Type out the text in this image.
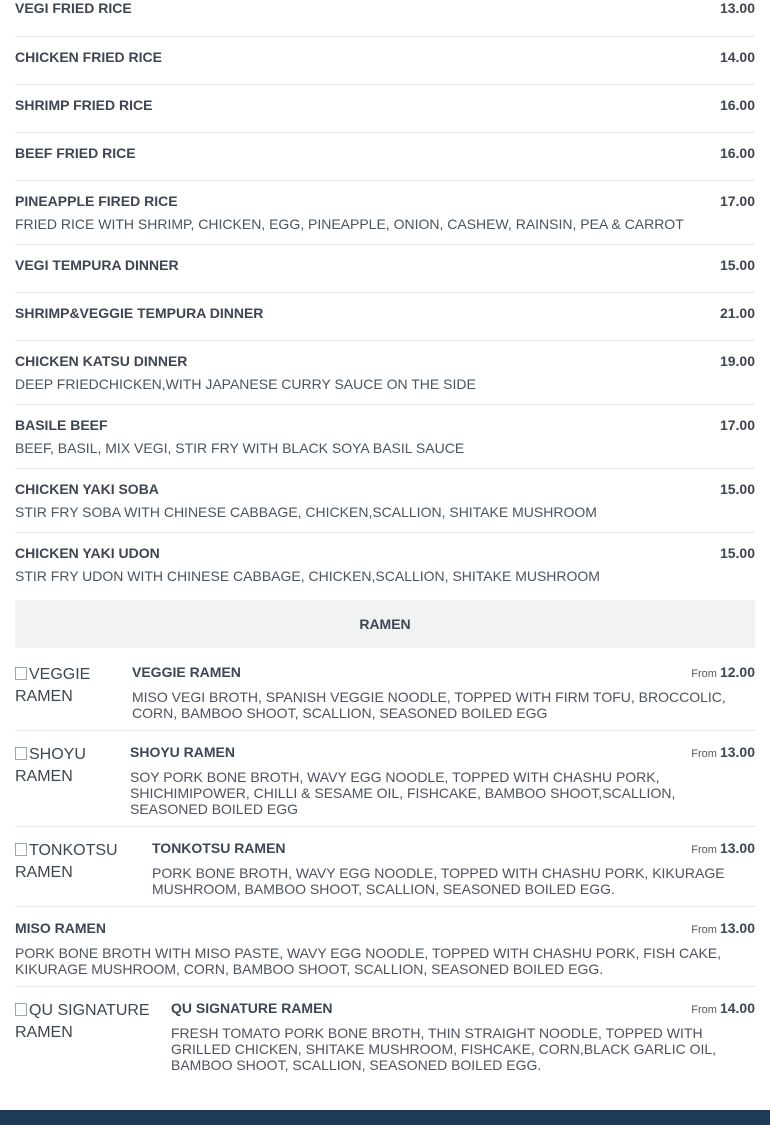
VEGI FRIED RICE	13.00
CHICKEN FRIED RICE	14.00
SHRIMP FRIED RICE	16.00
BEEF FRIED RICE	16.00
PINEAPPLE FIRED RICE	17.00
FRIED RICE WITH SHRIMP, CHICKEN, EGG, PINEAPPLE, ONION, CASHEW, RAINSIN, PEA & CARROT
VEGI TEMPURA DINNER	15.00
SHRIMP&VEGGIE TEMPURA DINNER	21.00
CHICKEN KATSU DINNER	19.00
DEEP FRIEDCHICKEN,WITH JAPANESE CURRY SAUCE ON THE SIDE
BASILE BEEF	17.00
BEEF, BASIL, MIX VEGI, STIR FRY WITH BLACK SOYA BASIL SAUCE
CHICKEN YAKI SOBA	15.00
STIR FRY SOBA WITH CHINESE CABBAGE, CHICKEN,SCALLION, SHITAKE MUSHROOM
CHICKEN YAKI UDON	15.00
STIR FRY UDON WITH CHINESE CABBAGE, CHICKEN,SCALLION, SHITAKE MUSHROOM
RAMEN
VEGGIE RAMEN
VEGGIE RAMEN	From 12.00
MISO VEGI BROTH, SPANISH VEGGIE NOODLE, TOPPED WITH FIRM TOFU, BROCCOLIC, CORN, BAMBOO SHOOT, SCALLION, SEASONED BOILED EGG
SHOYU RAMEN
SHOYU RAMEN	From 13.00
SOY PORK BONE BROTH, WAVY EGG NOODLE, TOPPED WITH CHASHU PORK, SHICHIMIPOWER, CHILLI & SESAME OIL, FISHCAKE, BAMBOO SHOOT,SCALLION, SEASONED BOILED EGG
TONKOTSU RAMEN
TONKOTSU RAMEN	From 13.00
PORK BONE BROTH, WAVY EGG NOODLE, TOPPED WITH CHASHU PORK, KIKURAGE MUSHROOM, BAMBOO SHOOT, SCALLION, SEASONED BOILED EGG.
MISO RAMEN	From 13.00
PORK BONE BROTH WITH MISO PASTE, WAVY EGG NOODLE, TOPPED WITH CHASHU PORK, FISH CAKE, KIKURAGE MUSHROOM, CORN, BAMBOO SHOOT, SCALLION, SEASONED BOILED EGG.
QU SIGNATURE RAMEN
QU SIGNATURE RAMEN	From 14.00
FRESH TOMATO PORK BONE BROTH, THIN STRAIGHT NOODLE, TOPPED WITH GRILLED CHICKEN, SHITAKE MUSHROOM, FISHCAKE, CORN,BLACK GARLIC OIL, BAMBOO SHOOT, SCALLION, SEASONED BOILED EGG.
